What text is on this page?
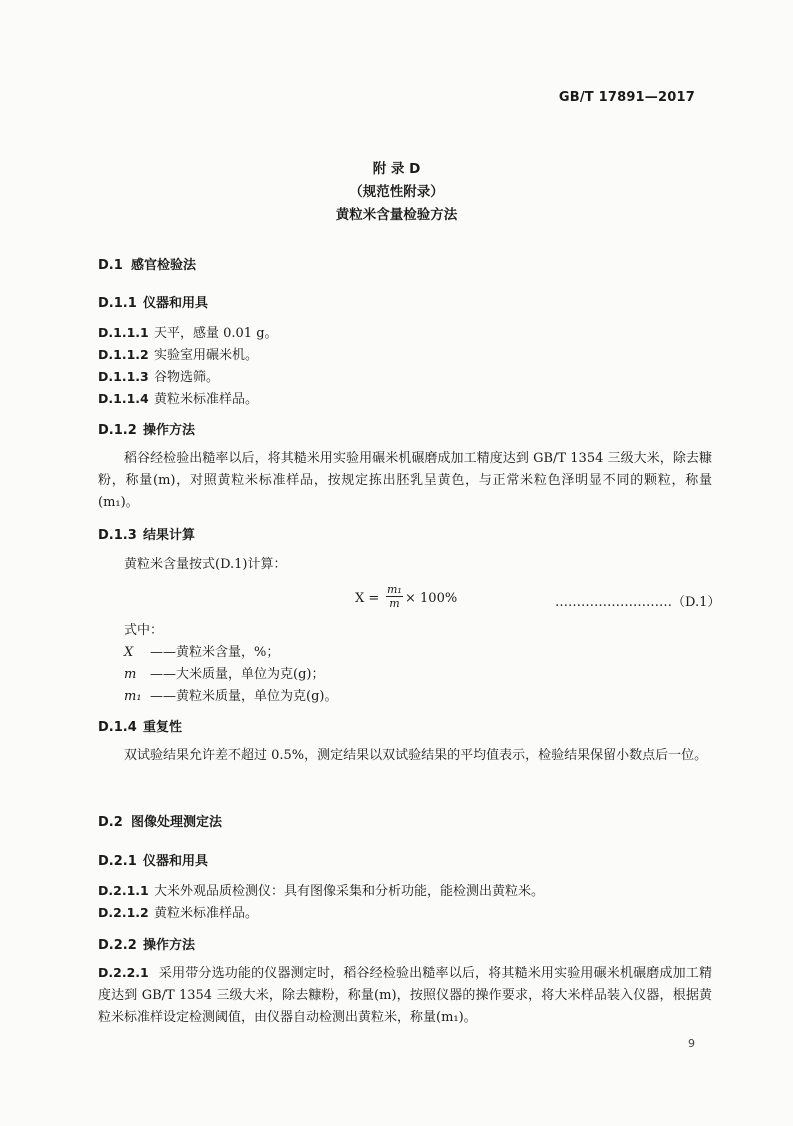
GB/T 17891—2017
附 录 D
（规范性附录）
黄粒米含量检验方法
D.1 感官检验法
D.1.1 仪器和用具
D.1.1.1 天平，感量 0.01 g。
D.1.1.2 实验室用碾米机。
D.1.1.3 谷物选筛。
D.1.1.4 黄粒米标准样品。
D.1.2 操作方法
稻谷经检验出糙率以后，将其糙米用实验用碾米机碾磨成加工精度达到 GB/T 1354 三级大米，除去糠粉，称量(m)，对照黄粒米标准样品，按规定拣出胚乳呈黄色，与正常米粒色泽明显不同的颗粒，称量(m₁)。
D.1.3 结果计算
黄粒米含量按式(D.1)计算：
$X = \frac{\text{m₁}}{m} \times 100\%$	………………………（D.1）
式中：
X ——黄粒米含量，%；
m ——大米质量，单位为克(g)；
m₁ ——黄粒米质量，单位为克(g)。
D.1.4 重复性
双试验结果允许差不超过 0.5%，测定结果以双试验结果的平均值表示，检验结果保留小数点后一位。
D.2 图像处理测定法
D.2.1 仪器和用具
D.2.1.1 大米外观品质检测仪：具有图像采集和分析功能，能检测出黄粒米。
D.2.1.2 黄粒米标准样品。
D.2.2 操作方法
D.2.2.1 采用带分选功能的仪器测定时，稻谷经检验出糙率以后，将其糙米用实验用碾米机碾磨成加工精度达到 GB/T 1354 三级大米，除去糠粉，称量(m)，按照仪器的操作要求，将大米样品装入仪器，根据黄粒米标准样设定检测阈值，由仪器自动检测出黄粒米，称量(m₁)。
9
